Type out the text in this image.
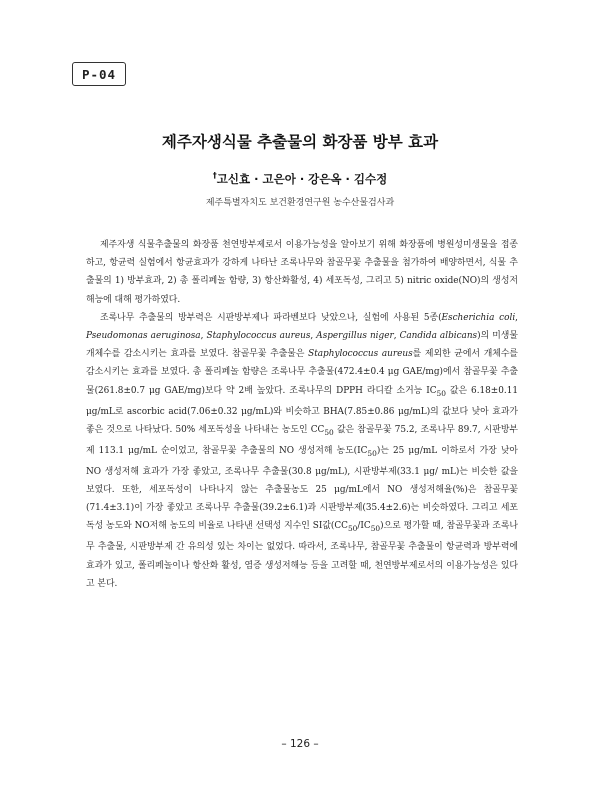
P-04
제주자생식물 추출물의 화장품 방부 효과
†고신효 · 고은아 · 강은옥 · 김수정
제주특별자치도 보건환경연구원 농수산물검사과

제주자생 식물추출물의 화장품 천연방부제로서 이용가능성을 알아보기 위해 화장품에 병원성미생물을 접종하고, 항균력 실험에서 항균효과가 강하게 나타난 조록나무와 참골무꽃 추출물을 첨가하여 배양하면서, 식물 추출물의 1) 방부효과, 2) 총 폴리페놀 함량, 3) 항산화활성, 4) 세포독성, 그리고 5) nitric oxide(NO)의 생성저해능에 대해 평가하였다.

조록나무 추출물의 방부력은 시판방부제나 파라벤보다 낮았으나, 실험에 사용된 5종(Escherichia coli, Pseudomonas aeruginosa, Staphylococcus aureus, Aspergillus niger, Candida albicans)의 미생물 개체수를 감소시키는 효과를 보였다. 참골무꽃 추출물은 Staphylococcus aureus를 제외한 균에서 개체수를 감소시키는 효과를 보였다. 총 폴리페놀 함량은 조록나무 추출물(472.4±0.4 μg GAE/mg)에서 참골무꽃 추출물(261.8±0.7 μg GAE/mg)보다 약 2배 높았다. 조록나무의 DPPH 라디칼 소거능 $IC_{50}$ 값은 6.18±0.11 μg/mL로 ascorbic acid(7.06±0.32 μg/mL)와 비슷하고 BHA(7.85±0.86 μg/mL)의 값보다 낮아 효과가 좋은 것으로 나타났다. 50% 세포독성을 나타내는 농도인 $CC_{50}$ 값은 참골무꽃 75.2, 조록나무 89.7, 시판방부제 113.1 μg/mL 순이었고, 참골무꽃 추출물의 NO 생성저해 농도$(IC_{50})$는 25 μg/mL 이하로서 가장 낮아 NO 생성저해 효과가 가장 좋았고, 조록나무 추출물(30.8 μg/mL), 시판방부제(33.1 μg/ mL)는 비슷한 값을 보였다. 또한, 세포독성이 나타나지 않는 추출물농도 25 μg/mL에서 NO 생성저해율(%)은 참골무꽃(71.4±3.1)이 가장 좋았고 조록나무 추출물(39.2±6.1)과 시판방부제(35.4±2.6)는 비슷하였다. 그리고 세포독성 농도와 NO저해 농도의 비율로 나타낸 선택성 지수인 SI값$(CC_{50}/IC_{50})$으로 평가할 때, 참골무꽃과 조록나무 추출물, 시판방부제 간 유의성 있는 차이는 없었다. 따라서, 조록나무, 참골무꽃 추출물이 항균력과 방부력에 효과가 있고, 폴리페놀이나 항산화 활성, 염증 생성저해능 등을 고려할 때, 천연방부제로서의 이용가능성은 있다고 본다.

– 126 –
